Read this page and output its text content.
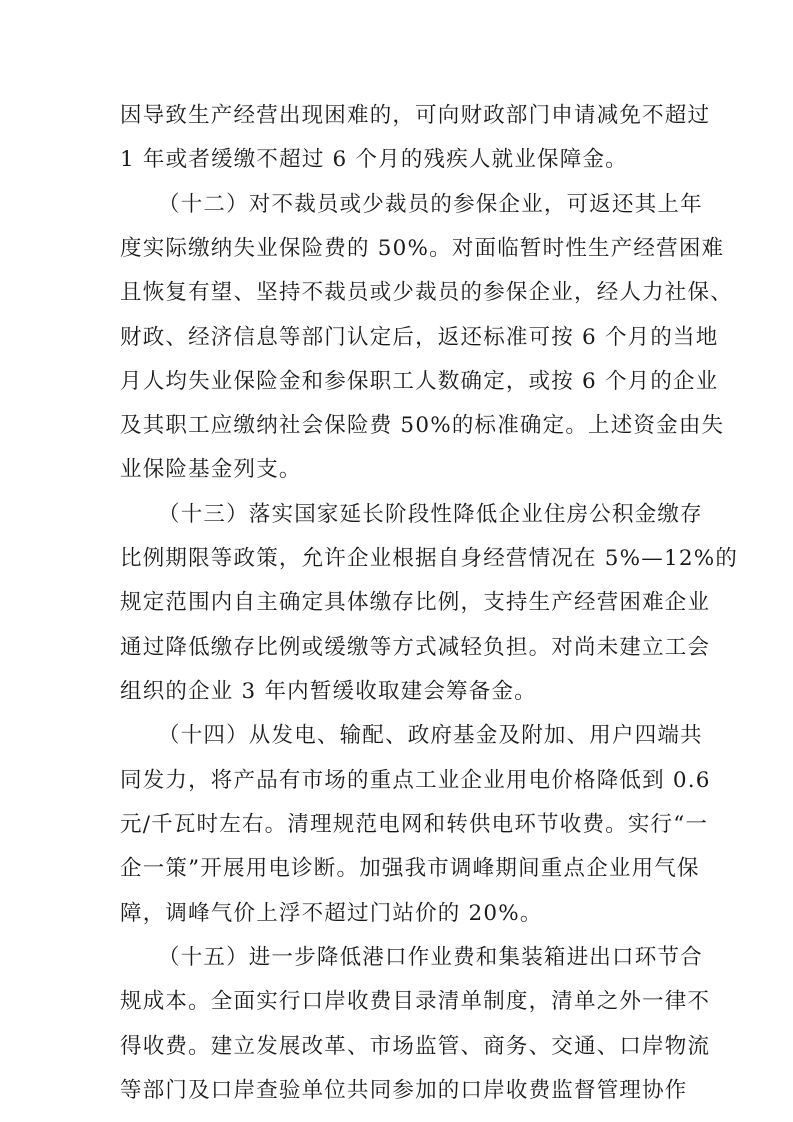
因导致生产经营出现困难的，可向财政部门申请减免不超过
1 年或者缓缴不超过 6 个月的残疾人就业保障金。
（十二）对不裁员或少裁员的参保企业，可返还其上年
度实际缴纳失业保险费的 50%。对面临暂时性生产经营困难
且恢复有望、坚持不裁员或少裁员的参保企业，经人力社保、
财政、经济信息等部门认定后，返还标准可按 6 个月的当地
月人均失业保险金和参保职工人数确定，或按 6 个月的企业
及其职工应缴纳社会保险费 50%的标准确定。上述资金由失
业保险基金列支。
（十三）落实国家延长阶段性降低企业住房公积金缴存
比例期限等政策，允许企业根据自身经营情况在 5%—12%的
规定范围内自主确定具体缴存比例，支持生产经营困难企业
通过降低缴存比例或缓缴等方式减轻负担。对尚未建立工会
组织的企业 3 年内暂缓收取建会筹备金。
（十四）从发电、输配、政府基金及附加、用户四端共
同发力，将产品有市场的重点工业企业用电价格降低到 0.6
元/千瓦时左右。清理规范电网和转供电环节收费。实行“一
企一策”开展用电诊断。加强我市调峰期间重点企业用气保
障，调峰气价上浮不超过门站价的 20%。
（十五）进一步降低港口作业费和集装箱进出口环节合
规成本。全面实行口岸收费目录清单制度，清单之外一律不
得收费。建立发展改革、市场监管、商务、交通、口岸物流
等部门及口岸查验单位共同参加的口岸收费监督管理协作
